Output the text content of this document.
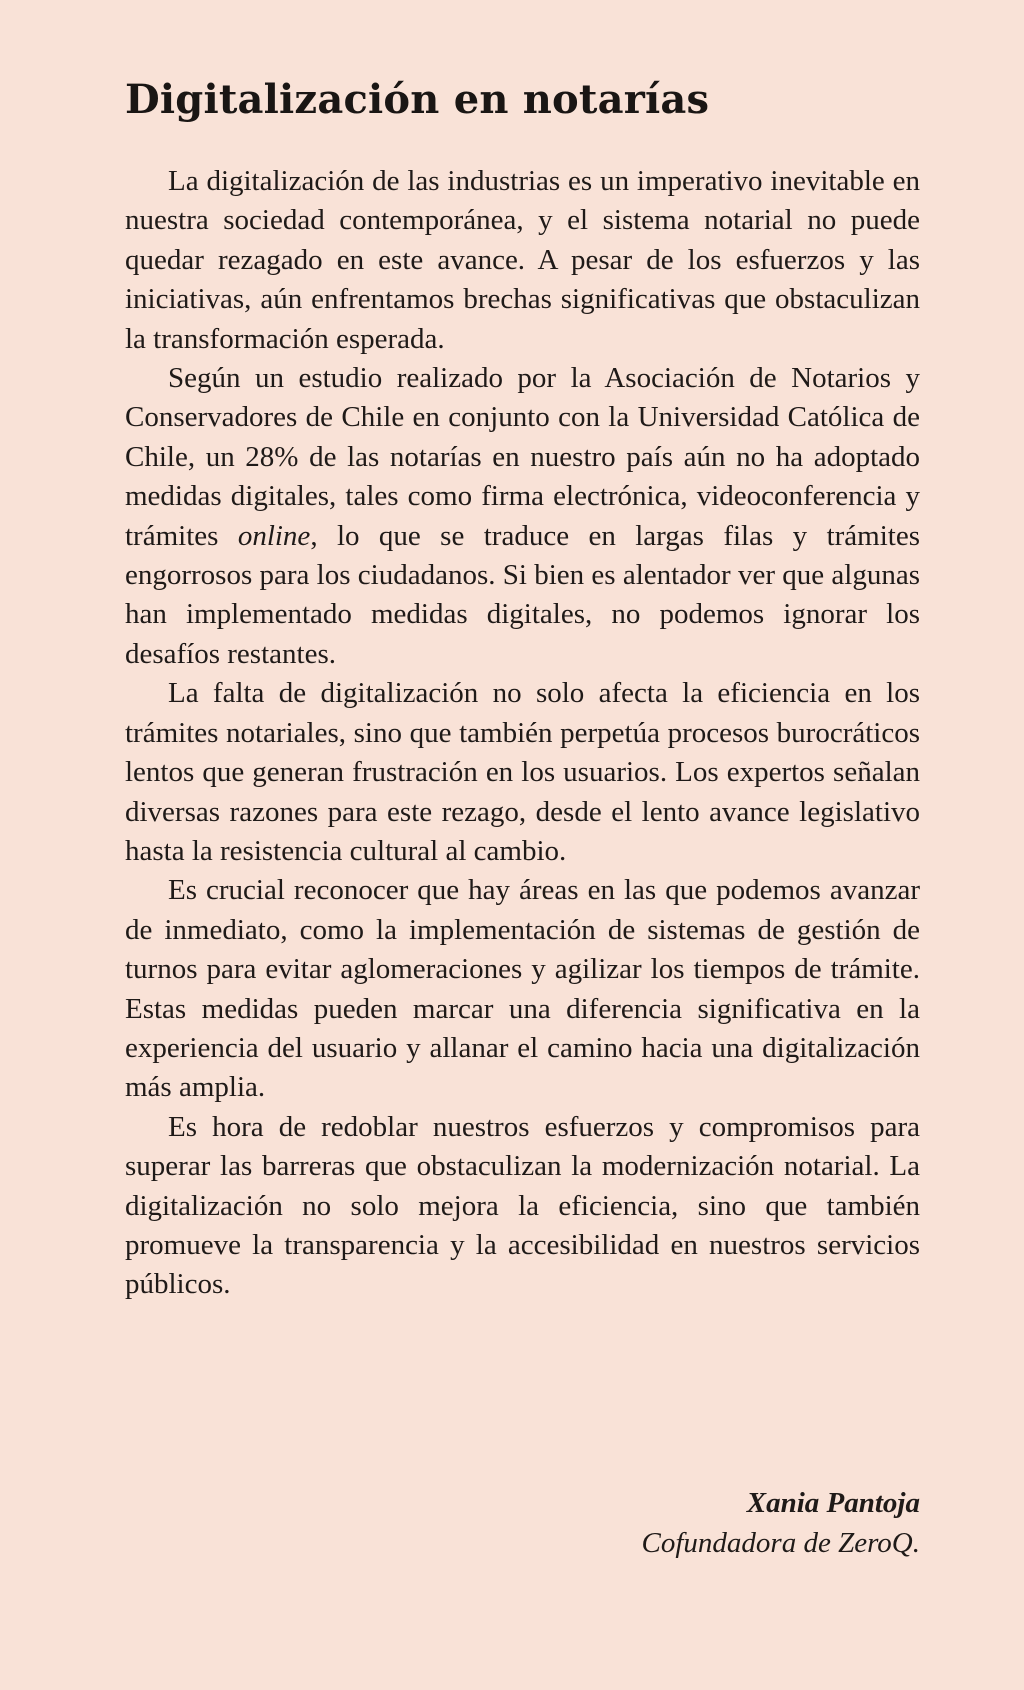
Digitalización en notarías

La digitalización de las industrias es un imperativo inevitable en nuestra sociedad contemporánea, y el sistema notarial no puede quedar rezagado en este avance. A pesar de los esfuerzos y las iniciativas, aún enfrentamos brechas significativas que obstaculizan la transformación esperada.

Según un estudio realizado por la Asociación de Notarios y Conservadores de Chile en conjunto con la Universidad Católica de Chile, un 28% de las notarías en nuestro país aún no ha adoptado medidas digitales, tales como firma electrónica, videoconferencia y trámites online, lo que se traduce en largas filas y trámites engorrosos para los ciudadanos. Si bien es alentador ver que algunas han implementado medidas digitales, no podemos ignorar los desafíos restantes.

La falta de digitalización no solo afecta la eficiencia en los trámites notariales, sino que también perpetúa procesos burocráticos lentos que generan frustración en los usuarios. Los expertos señalan diversas razones para este rezago, desde el lento avance legislativo hasta la resistencia cultural al cambio.

Es crucial reconocer que hay áreas en las que podemos avanzar de inmediato, como la implementación de sistemas de gestión de turnos para evitar aglomeraciones y agilizar los tiempos de trámite. Estas medidas pueden marcar una diferencia significativa en la experiencia del usuario y allanar el camino hacia una digitalización más amplia.

Es hora de redoblar nuestros esfuerzos y compromisos para superar las barreras que obstaculizan la modernización notarial. La digitalización no solo mejora la eficiencia, sino que también promueve la transparencia y la accesibilidad en nuestros servicios públicos.

Xania Pantoja
Cofundadora de ZeroQ.
